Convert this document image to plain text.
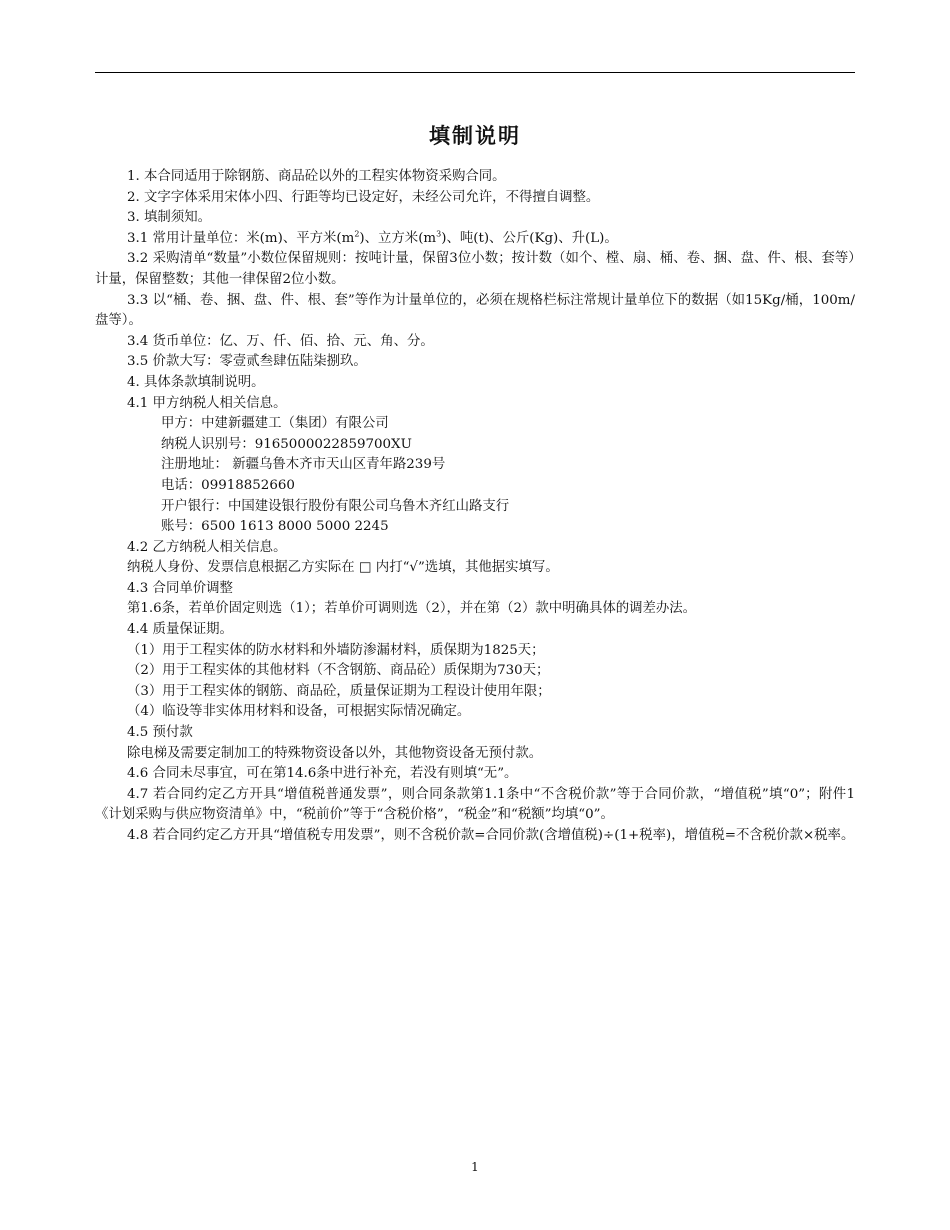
填制说明

1. 本合同适用于除钢筋、商品砼以外的工程实体物资采购合同。

2. 文字字体采用宋体小四、行距等均已设定好，未经公司允许，不得擅自调整。

3. 填制须知。

3.1 常用计量单位：米(m)、平方米$(m^2)$、立方米$(m^3)$、吨(t)、公斤(Kg)、升(L)。

3.2 采购清单“数量”小数位保留规则：按吨计量，保留3位小数；按计数（如个、樘、扇、桶、卷、捆、盘、件、根、套等）计量，保留整数；其他一律保留2位小数。

3.3 以“桶、卷、捆、盘、件、根、套”等作为计量单位的，必须在规格栏标注常规计量单位下的数据（如15Kg/桶，100m/盘等）。

3.4 货币单位：亿、万、仟、佰、拾、元、角、分。

3.5 价款大写：零壹贰叁肆伍陆柒捌玖。

4. 具体条款填制说明。

4.1 甲方纳税人相关信息。

甲方：中建新疆建工（集团）有限公司

纳税人识别号：9165000022859700XU

注册地址： 新疆乌鲁木齐市天山区青年路239号

电话：09918852660

开户银行：中国建设银行股份有限公司乌鲁木齐红山路支行

账号：6500 1613 8000 5000 2245

4.2 乙方纳税人相关信息。

纳税人身份、发票信息根据乙方实际在 □ 内打“√”选填，其他据实填写。

4.3 合同单价调整

第1.6条，若单价固定则选（1）；若单价可调则选（2），并在第（2）款中明确具体的调差办法。

4.4 质量保证期。

（1）用于工程实体的防水材料和外墙防渗漏材料，质保期为1825天；

（2）用于工程实体的其他材料（不含钢筋、商品砼）质保期为730天；

（3）用于工程实体的钢筋、商品砼，质量保证期为工程设计使用年限；

（4）临设等非实体用材料和设备，可根据实际情况确定。

4.5 预付款

除电梯及需要定制加工的特殊物资设备以外，其他物资设备无预付款。

4.6 合同未尽事宜，可在第14.6条中进行补充，若没有则填“无”。

4.7 若合同约定乙方开具“增值税普通发票”，则合同条款第1.1条中“不含税价款”等于合同价款，“增值税”填“0”；附件1《计划采购与供应物资清单》中，“税前价”等于“含税价格”，“税金”和“税额”均填“0”。

4.8 若合同约定乙方开具“增值税专用发票”，则不含税价款=合同价款(含增值税)÷(1+税率)，增值税=不含税价款×税率。

1
